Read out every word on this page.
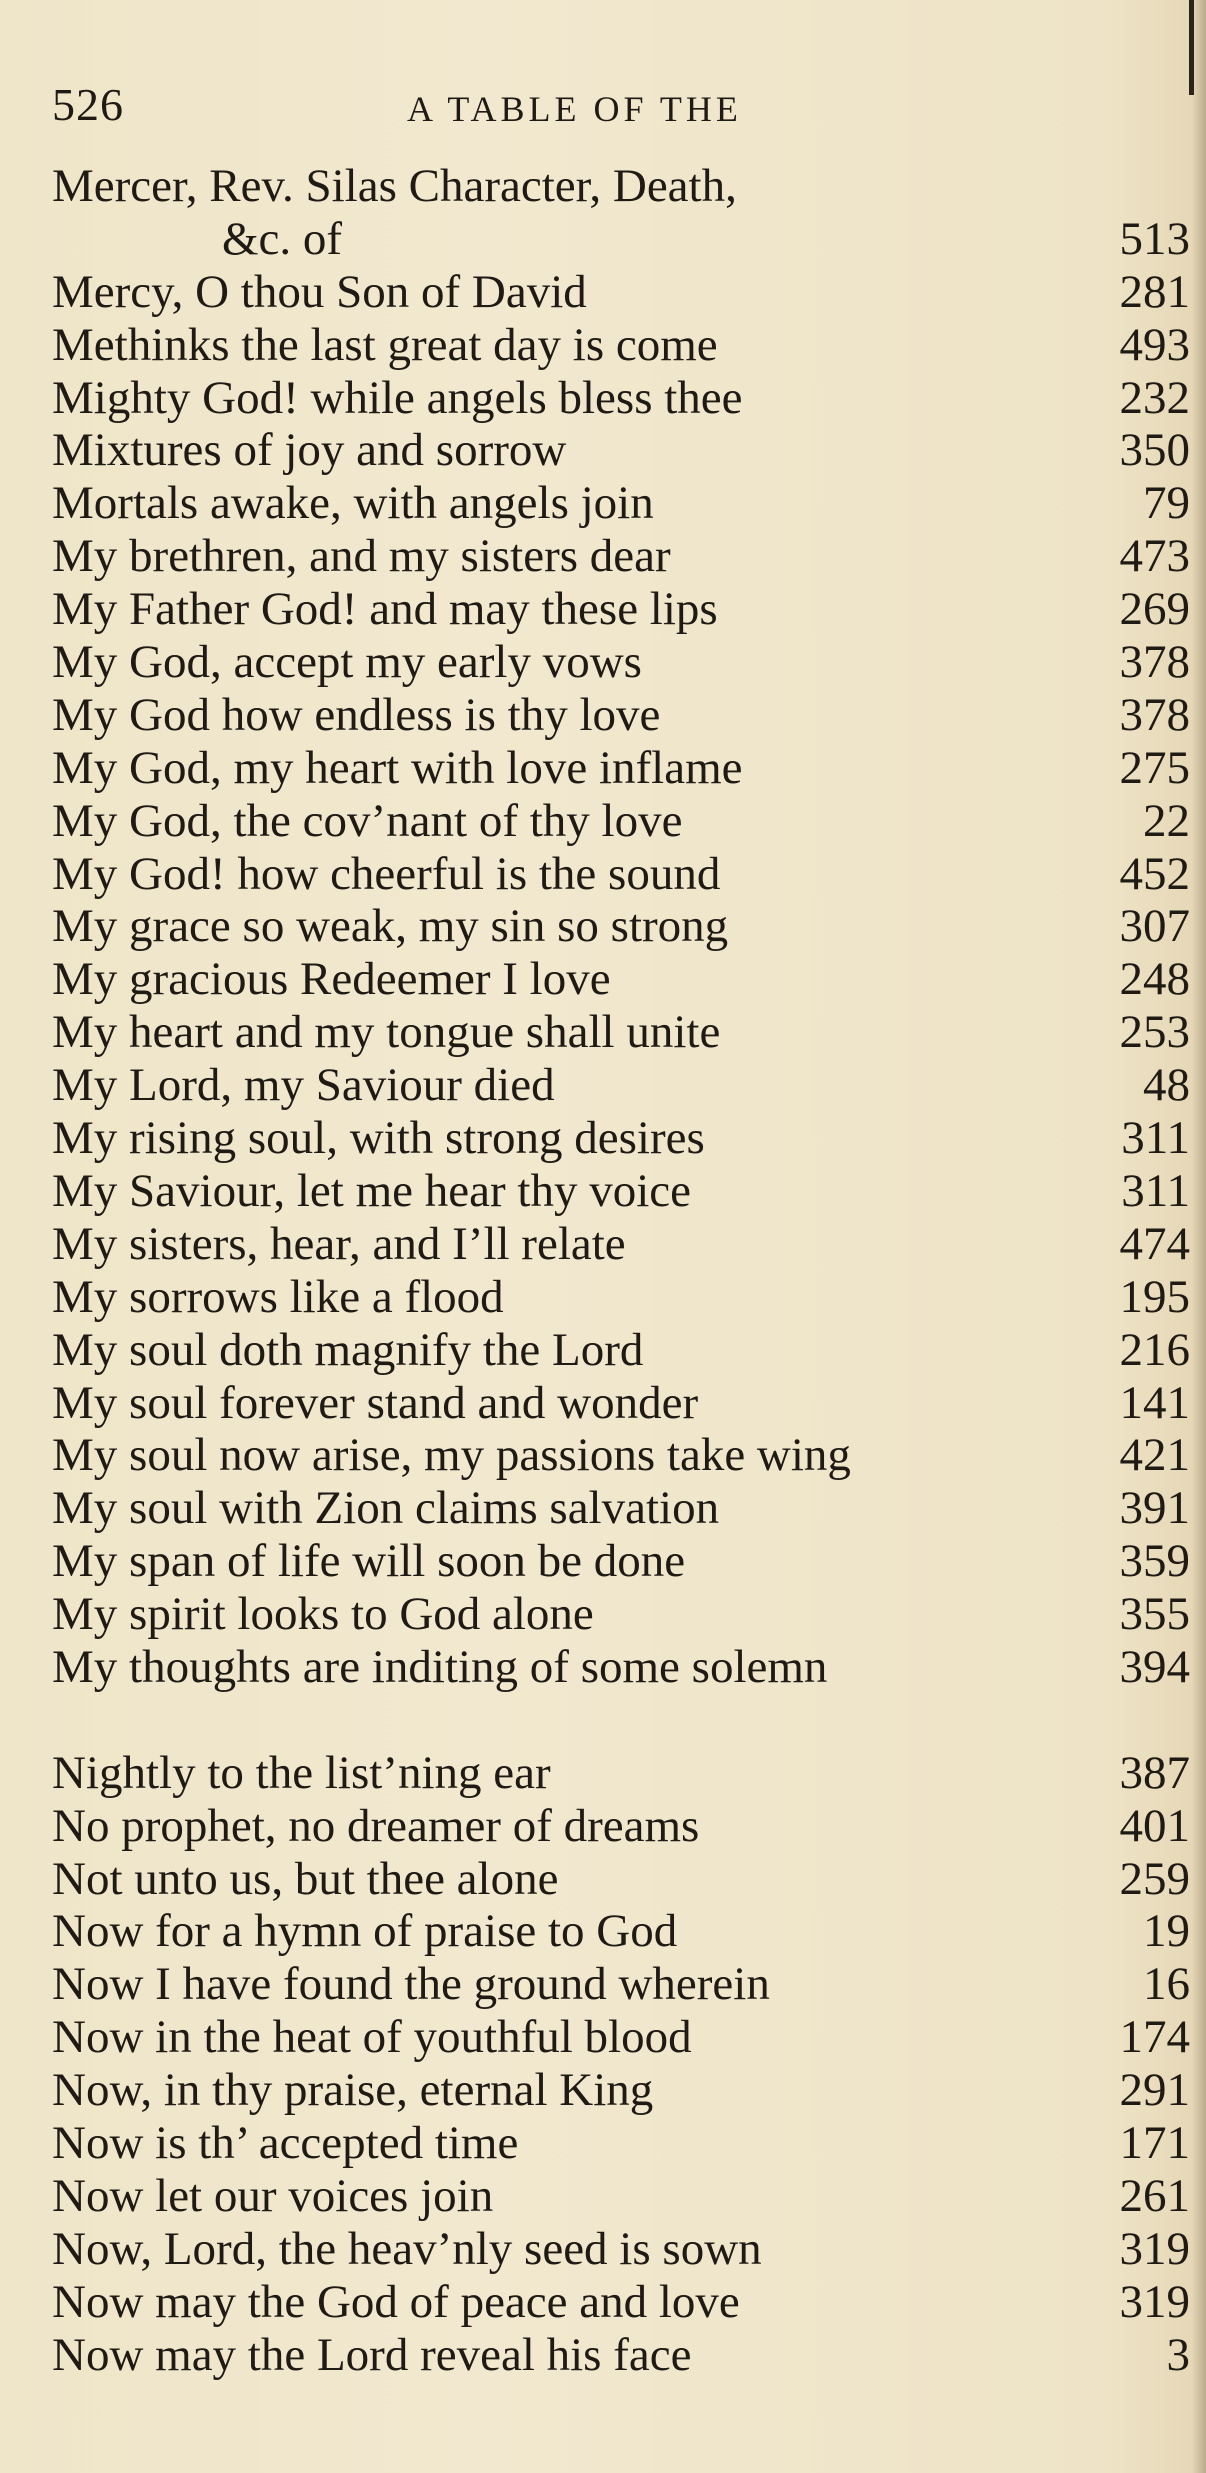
526	A TABLE OF THE
Mercer, Rev. Silas Character, Death,
&c. of	513
Mercy, O thou Son of David	281
Methinks the last great day is come	493
Mighty God! while angels bless thee	232
Mixtures of joy and sorrow	350
Mortals awake, with angels join	79
My brethren, and my sisters dear	473
My Father God! and may these lips	269
My God, accept my early vows	378
My God how endless is thy love	378
My God, my heart with love inflame	275
My God, the cov’nant of thy love	22
My God! how cheerful is the sound	452
My grace so weak, my sin so strong	307
My gracious Redeemer I love	248
My heart and my tongue shall unite	253
My Lord, my Saviour died	48
My rising soul, with strong desires	311
My Saviour, let me hear thy voice	311
My sisters, hear, and I’ll relate	474
My sorrows like a flood	195
My soul doth magnify the Lord	216
My soul forever stand and wonder	141
My soul now arise, my passions take wing	421
My soul with Zion claims salvation	391
My span of life will soon be done	359
My spirit looks to God alone	355
My thoughts are inditing of some solemn	394
Nightly to the list’ning ear	387
No prophet, no dreamer of dreams	401
Not unto us, but thee alone	259
Now for a hymn of praise to God	19
Now I have found the ground wherein	16
Now in the heat of youthful blood	174
Now, in thy praise, eternal King	291
Now is th’ accepted time	171
Now let our voices join	261
Now, Lord, the heav’nly seed is sown	319
Now may the God of peace and love	319
Now may the Lord reveal his face	3
